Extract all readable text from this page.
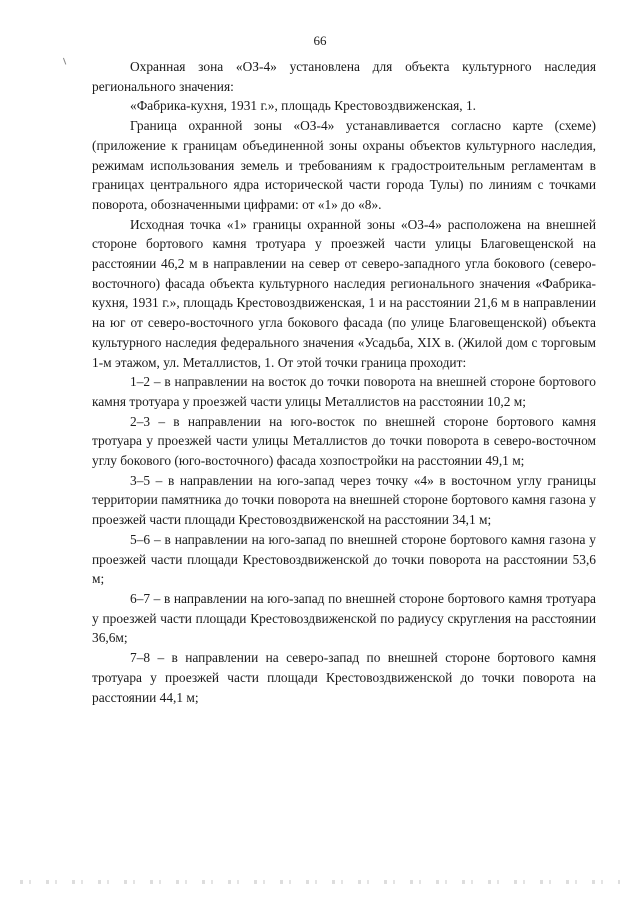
66

Охранная зона «ОЗ-4» установлена для объекта культурного наследия регионального значения:

«Фабрика-кухня, 1931 г.», площадь Крестовоздвиженская, 1.

Граница охранной зоны «ОЗ-4» устанавливается согласно карте (схеме) (приложение к границам объединенной зоны охраны объектов культурного наследия, режимам использования земель и требованиям к градостроительным регламентам в границах центрального ядра исторической части города Тулы) по линиям с точками поворота, обозначенными цифрами: от «1» до «8».

Исходная точка «1» границы охранной зоны «ОЗ-4» расположена на внешней стороне бортового камня тротуара у проезжей части улицы Благовещенской на расстоянии 46,2 м в направлении на север от северо-западного угла бокового (северо-восточного) фасада объекта культурного наследия регионального значения «Фабрика-кухня, 1931 г.», площадь Крестовоздвиженская, 1 и на расстоянии 21,6 м в направлении на юг от северо-восточного угла бокового фасада (по улице Благовещенской) объекта культурного наследия федерального значения «Усадьба, XIX в. (Жилой дом с торговым 1-м этажом, ул. Металлистов, 1. От этой точки граница проходит:

1–2 – в направлении на восток до точки поворота на внешней стороне бортового камня тротуара у проезжей части улицы Металлистов на расстоянии 10,2 м;

2–3 – в направлении на юго-восток по внешней стороне бортового камня тротуара у проезжей части улицы Металлистов до точки поворота в северо-восточном углу бокового (юго-восточного) фасада хозпостройки на расстоянии 49,1 м;

3–5 – в направлении на юго-запад через точку «4» в восточном углу границы территории памятника до точки поворота на внешней стороне бортового камня газона у проезжей части площади Крестовоздвиженской на расстоянии 34,1 м;

5–6 – в направлении на юго-запад по внешней стороне бортового камня газона у проезжей части площади Крестовоздвиженской до точки поворота на расстоянии 53,6 м;

6–7 – в направлении на юго-запад по внешней стороне бортового камня тротуара у проезжей части площади Крестовоздвиженской по радиусу скругления на расстоянии 36,6м;

7–8 – в направлении на северо-запад по внешней стороне бортового камня тротуара у проезжей части площади Крестовоздвиженской до точки поворота на расстоянии 44,1 м;
